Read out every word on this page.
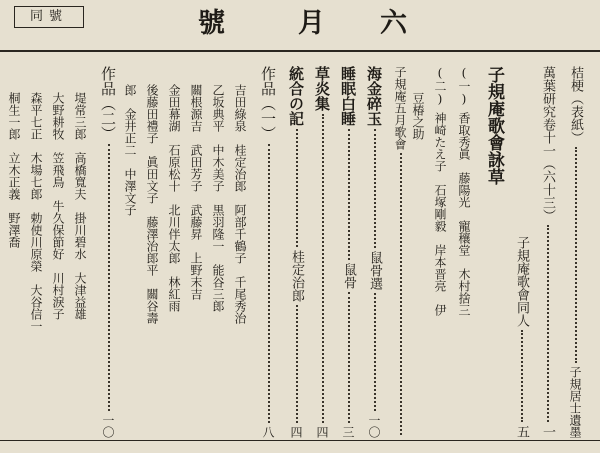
同號	號	月 六
桔梗（表紙）
子規居士遺墨
萬葉研究卷十一（六十三）
一
子規庵歌會同人
五
子規庵歌會詠草
(一)
香取秀眞　藤陽光　寵穰堂　木村捨三
(二)
神崎たえ子　石塚剛毅　岸本晋亮　伊
豆椿之助
子規庵五月歌會
海金碎玉
鼠骨
選
一〇
睡眠白睡
鼠骨
三
草炎集
四
統合の記
桂定治郎
四
作品（一）
八
吉田綠泉　桂定治郎　阿部千鶴子　千尾秀治
乙坂典平　中木美子　黒羽隆一　能谷三郎
關根源吉　武田芳子　武藤昇　上野末吉
金田幕湖　石原松十　北川伴太郎　林紅雨
後藤田禮子　眞田文子　藤澤治郎平　關谷壽
郎　金井正二　中澤文子
作品（二）
一〇
堤常三郎　高橋寬夫　掛川碧水　大津益雄
大野耕牧　笠飛鳥　牛久保節好　川村淚子
森平七正　木場七郎　勅使川原榮　大谷信一
桐生一郎　立木正義　野澤喬
